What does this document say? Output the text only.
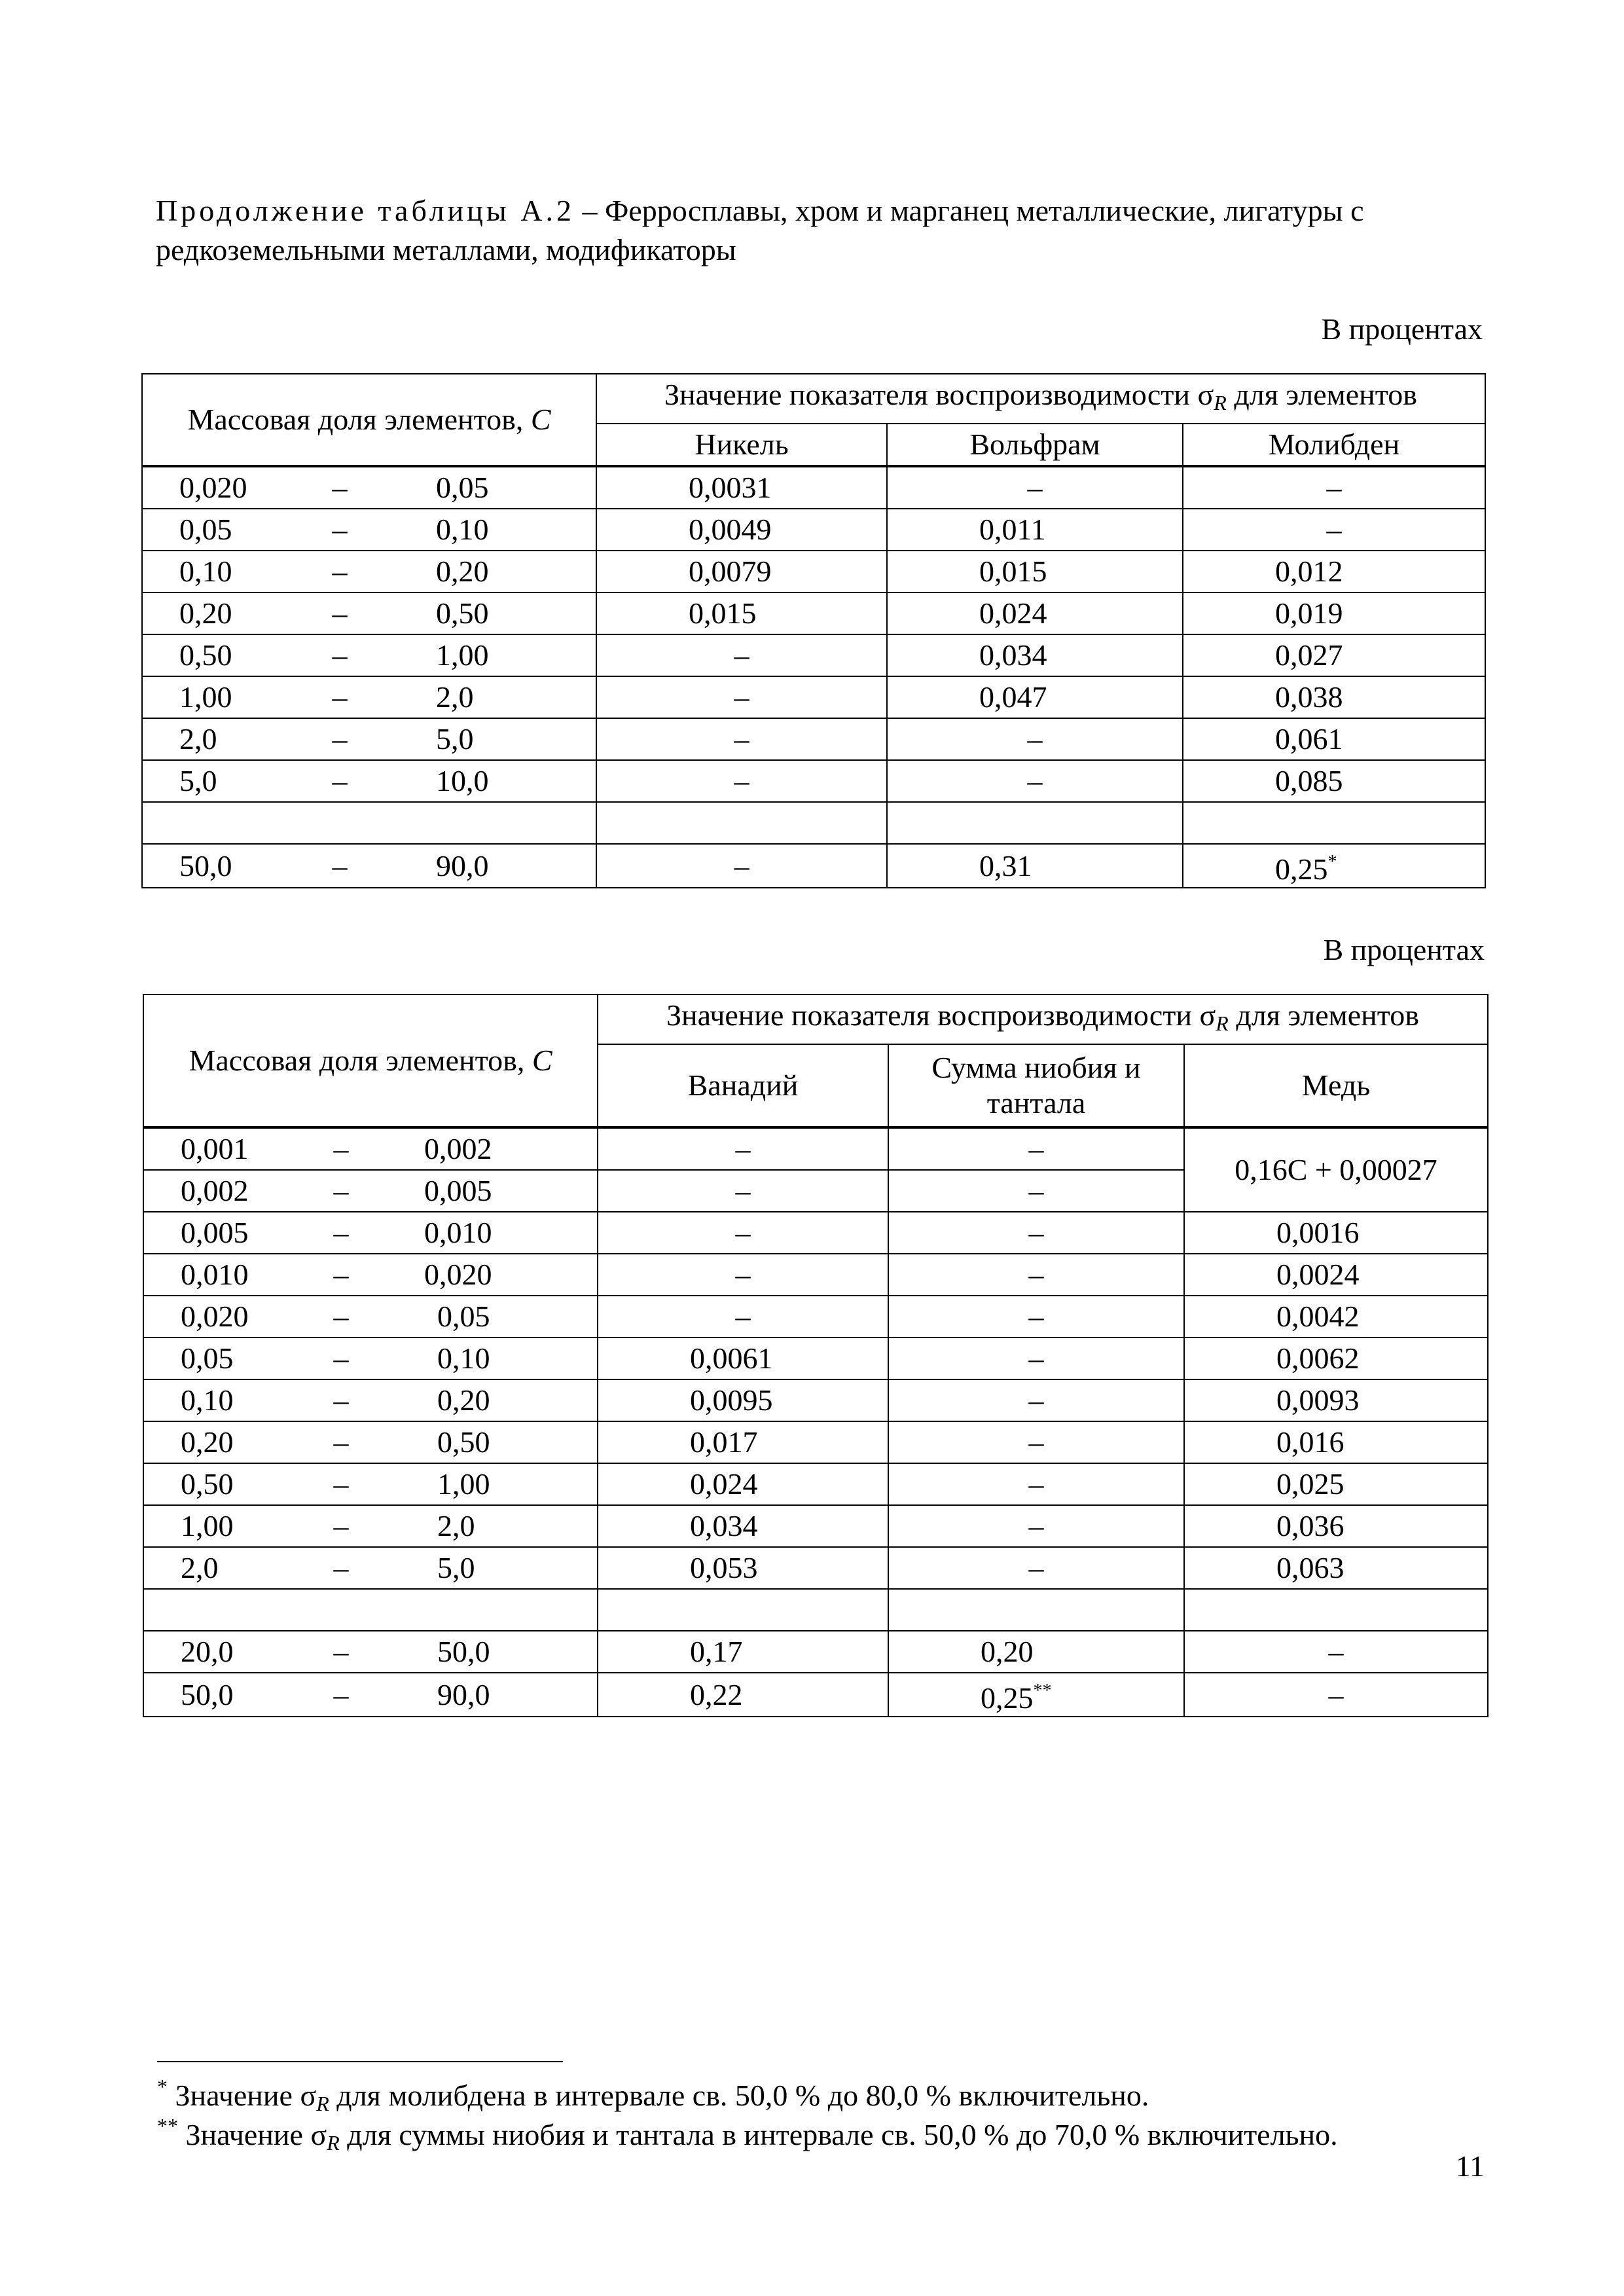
Продолжение таблицы А.2 – Ферросплавы, хром и марганец металлические, лигатуры с редкоземельными металлами, модификаторы
В процентах
Массовая доля элементов, C	Значение показателя воспроизводимости $\sigma_R$ для элементов		
	Никель	Вольфрам	Молибден

0,020 – 0,05	0,0031	–	–

0,05 – 0,10	0,0049	0,011	–

0,10 – 0,20	0,0079	0,015	0,012

0,20 – 0,50	0,015	0,024	0,019

0,50 – 1,00	–	0,034	0,027

1,00 – 2,0	–	0,047	0,038

2,0 – 5,0	–	–	0,061

5,0 – 10,0	–	–	0,085

50,0 – 90,0	–	0,31	0,25*
В процентах
Массовая доля элементов, C	Значение показателя воспроизводимости $\sigma_R$ для элементов		
	Ванадий	Сумма ниобия и тантала	Медь

0,001 – 0,002	–	–	0,16C + 0,00027

0,002 – 0,005	–	–	

0,005 – 0,010	–	–	0,0016

0,010 – 0,020	–	–	0,0024

0,020 – 0,05	–	–	0,0042

0,05 – 0,10	0,0061	–	0,0062

0,10 – 0,20	0,0095	–	0,0093

0,20 – 0,50	0,017	–	0,016

0,50 – 1,00	0,024	–	0,025

1,00 – 2,0	0,034	–	0,036

2,0 – 5,0	0,053	–	0,063

20,0 – 50,0	0,17	0,20	–

50,0 – 90,0	0,22	0,25**	–
* Значение $\sigma_R$ для молибдена в интервале св. 50,0 % до 80,0 % включительно.
** Значение $\sigma_R$ для суммы ниобия и тантала в интервале св. 50,0 % до 70,0 % включительно.
11
